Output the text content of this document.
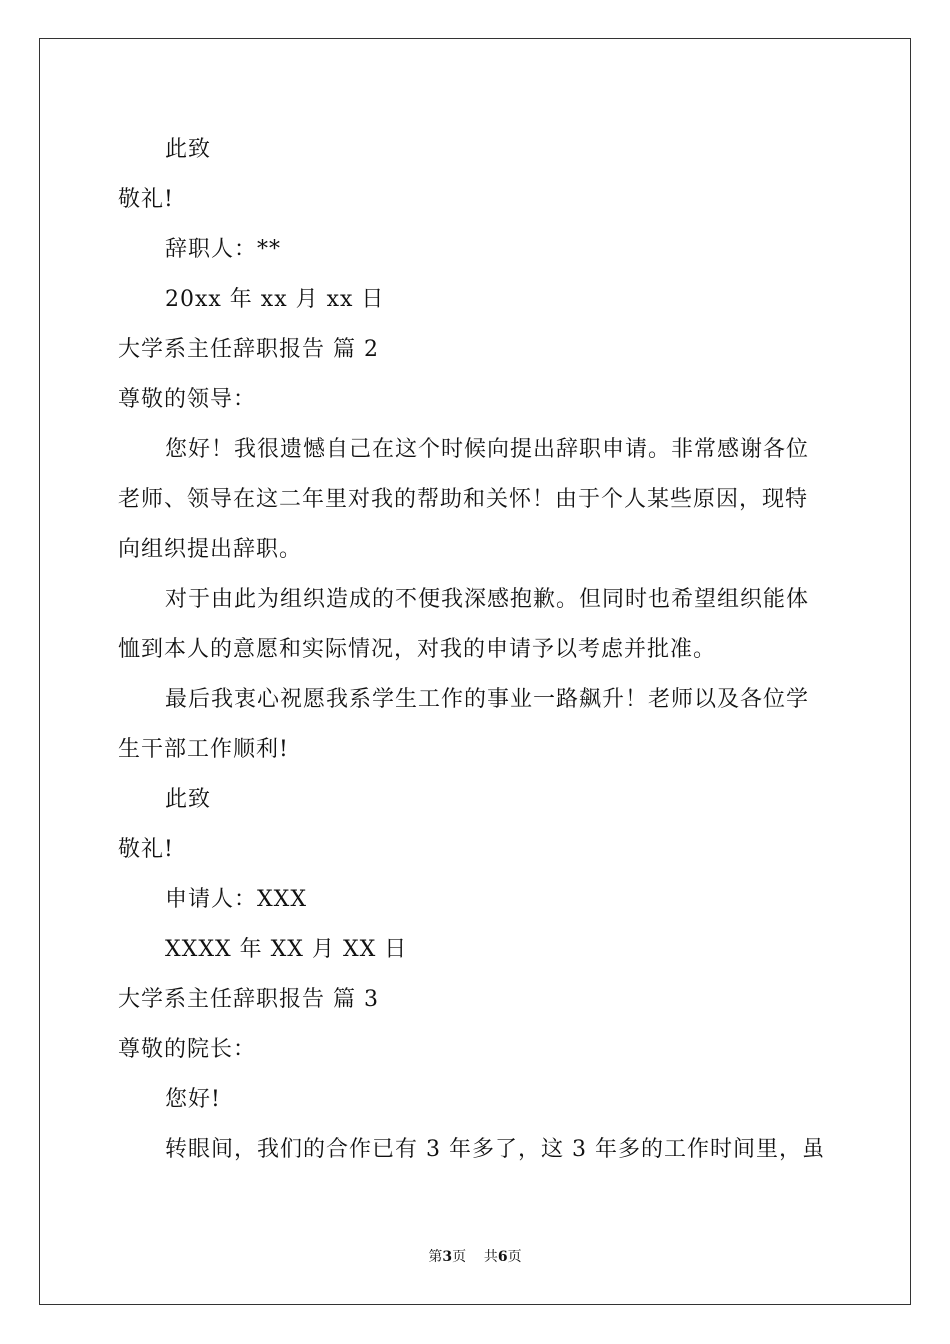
此致
敬礼!
辞职人：**
20xx 年 xx 月 xx 日
大学系主任辞职报告 篇 2
尊敬的领导：
您好！我很遗憾自己在这个时候向提出辞职申请。非常感谢各位
老师、领导在这二年里对我的帮助和关怀！由于个人某些原因，现特
向组织提出辞职。
对于由此为组织造成的不便我深感抱歉。但同时也希望组织能体
恤到本人的意愿和实际情况，对我的申请予以考虑并批准。
最后我衷心祝愿我系学生工作的事业一路飙升！老师以及各位学
生干部工作顺利!
此致
敬礼!
申请人：XXX
XXXX 年 XX 月 XX 日
大学系主任辞职报告 篇 3
尊敬的院长：
您好!
转眼间，我们的合作已有 3 年多了，这 3 年多的工作时间里，虽
第3页    共6页
